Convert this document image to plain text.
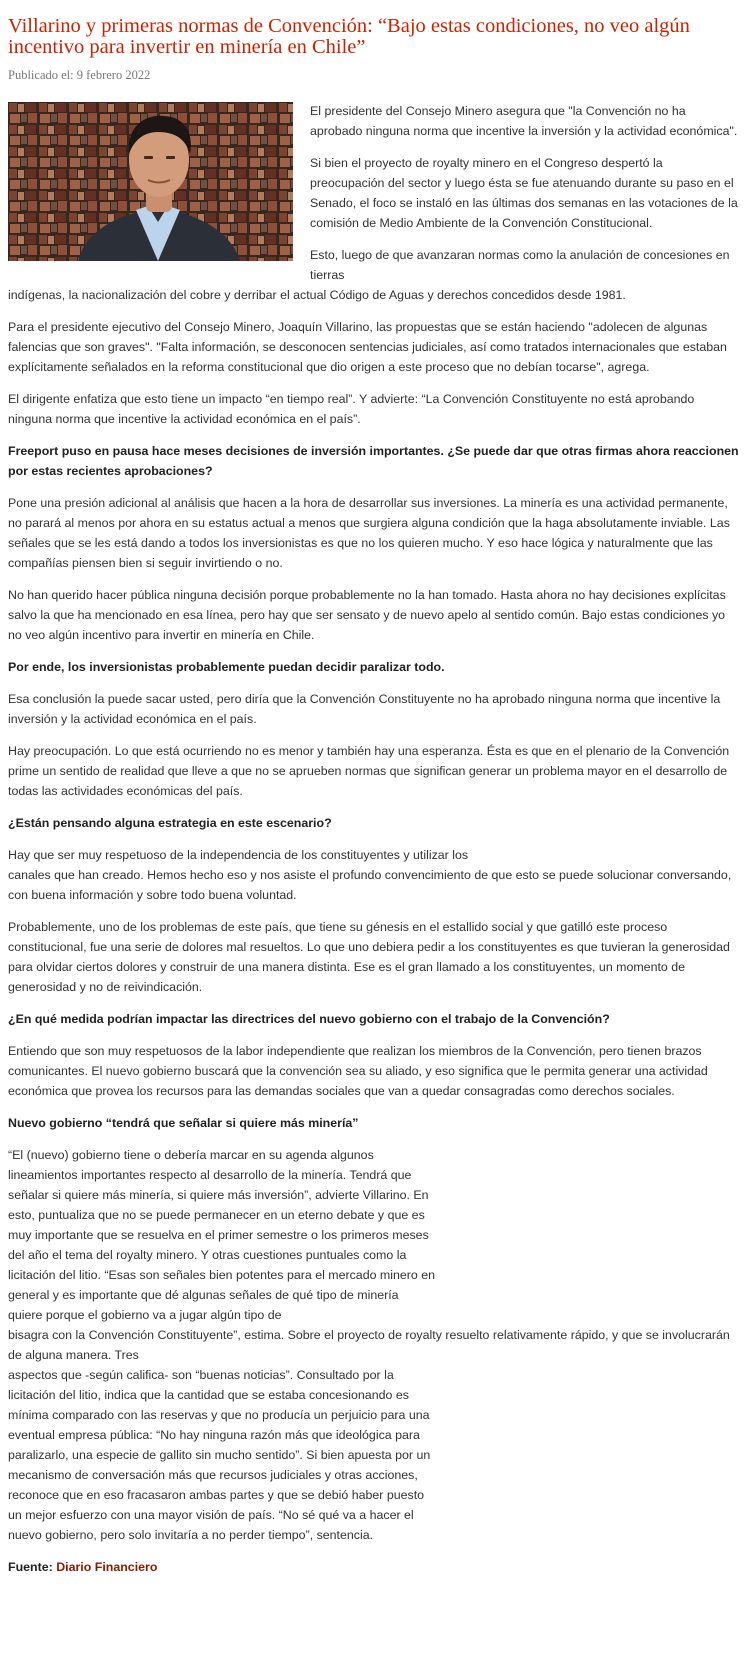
Villarino y primeras normas de Convención: “Bajo estas condiciones, no veo algún incentivo para invertir en minería en Chile”
Publicado el: 9 febrero 2022

El presidente del Consejo Minero asegura que "la Convención no ha aprobado ninguna norma que incentive la inversión y la actividad económica".

Si bien el proyecto de royalty minero en el Congreso despertó la preocupación del sector y luego ésta se fue atenuando durante su paso en el Senado, el foco se instaló en las últimas dos semanas en las votaciones de la comisión de Medio Ambiente de la Convención Constitucional.

Esto, luego de que avanzaran normas como la anulación de concesiones en tierras

indígenas, la nacionalización del cobre y derribar el actual Código de Aguas y derechos concedidos desde 1981.

Para el presidente ejecutivo del Consejo Minero, Joaquín Villarino, las propuestas que se están haciendo "adolecen de algunas falencias que son graves". "Falta información, se desconocen sentencias judiciales, así como tratados internacionales que estaban explícitamente señalados en la reforma constitucional que dio origen a este proceso que no debían tocarse", agrega.

El dirigente enfatiza que esto tiene un impacto “en tiempo real”. Y advierte: “La Convención Constituyente no está aprobando ninguna norma que incentive la actividad económica en el país”.

Freeport puso en pausa hace meses decisiones de inversión importantes. ¿Se puede dar que otras firmas ahora reaccionen por estas recientes aprobaciones?

Pone una presión adicional al análisis que hacen a la hora de desarrollar sus inversiones. La minería es una actividad permanente, no parará al menos por ahora en su estatus actual a menos que surgiera alguna condición que la haga absolutamente inviable. Las señales que se les está dando a todos los inversionistas es que no los quieren mucho. Y eso hace lógica y naturalmente que las compañías piensen bien si seguir invirtiendo o no.

No han querido hacer pública ninguna decisión porque probablemente no la han tomado. Hasta ahora no hay decisiones explícitas salvo la que ha mencionado en esa línea, pero hay que ser sensato y de nuevo apelo al sentido común. Bajo estas condiciones yo no veo algún incentivo para invertir en minería en Chile.

Por ende, los inversionistas probablemente puedan decidir paralizar todo.

Esa conclusión la puede sacar usted, pero diría que la Convención Constituyente no ha aprobado ninguna norma que incentive la inversión y la actividad económica en el país.

Hay preocupación. Lo que está ocurriendo no es menor y también hay una esperanza. Ésta es que en el plenario de la Convención prime un sentido de realidad que lleve a que no se aprueben normas que significan generar un problema mayor en el desarrollo de todas las actividades económicas del país.

¿Están pensando alguna estrategia en este escenario?

Hay que ser muy respetuoso de la independencia de los constituyentes y utilizar los

canales que han creado. Hemos hecho eso y nos asiste el profundo convencimiento de que esto se puede solucionar conversando, con buena información y sobre todo buena voluntad.

Probablemente, uno de los problemas de este país, que tiene su génesis en el estallido social y que gatilló este proceso constitucional, fue una serie de dolores mal resueltos. Lo que uno debiera pedir a los constituyentes es que tuvieran la generosidad para olvidar ciertos dolores y construir de una manera distinta. Ese es el gran llamado a los constituyentes, un momento de generosidad y no de reivindicación.

¿En qué medida podrían impactar las directrices del nuevo gobierno con el trabajo de la Convención?

Entiendo que son muy respetuosos de la labor independiente que realizan los miembros de la Convención, pero tienen brazos comunicantes. El nuevo gobierno buscará que la convención sea su aliado, y eso significa que le permita generar una actividad económica que provea los recursos para las demandas sociales que van a quedar consagradas como derechos sociales.

Nuevo gobierno “tendrá que señalar si quiere más minería”

“El (nuevo) gobierno tiene o debería marcar en su agenda algunos lineamientos importantes respecto al desarrollo de la minería. Tendrá que señalar si quiere más minería, si quiere más inversión”, advierte Villarino. En esto, puntualiza que no se puede permanecer en un eterno debate y que es muy importante que se resuelva en el primer semestre o los primeros meses del año el tema del royalty minero. Y otras cuestiones puntuales como la licitación del litio. “Esas son señales bien potentes para el mercado minero en general y es importante que dé algunas señales de qué tipo de minería quiere porque el gobierno va a jugar algún tipo de

bisagra con la Convención Constituyente”, estima. Sobre el proyecto de royalty resuelto relativamente rápido, y que se involucrarán de alguna manera. Tres

aspectos que -según califica- son “buenas noticias”. Consultado por la licitación del litio, indica que la cantidad que se estaba concesionando es mínima comparado con las reservas y que no producía un perjuicio para una eventual empresa pública: “No hay ninguna razón más que ideológica para paralizarlo, una especie de gallito sin mucho sentido”. Si bien apuesta por un mecanismo de conversación más que recursos judiciales y otras acciones, reconoce que en eso fracasaron ambas partes y que se debió haber puesto un mejor esfuerzo con una mayor visión de país. “No sé qué va a hacer el nuevo gobierno, pero solo invitaría a no perder tiempo”, sentencia.

Fuente: Diario Financiero
